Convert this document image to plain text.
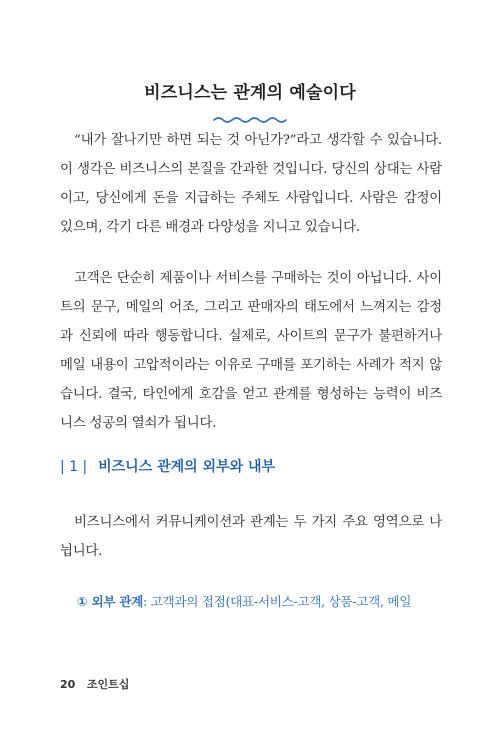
비즈니스는 관계의 예술이다

“내가 잘나기만 하면 되는 것 아닌가?”라고 생각할 수 있습니다. 이 생각은 비즈니스의 본질을 간과한 것입니다. 당신의 상대는 사람이고, 당신에게 돈을 지급하는 주체도 사람입니다. 사람은 감정이 있으며, 각기 다른 배경과 다양성을 지니고 있습니다.

고객은 단순히 제품이나 서비스를 구매하는 것이 아닙니다. 사이트의 문구, 메일의 어조, 그리고 판매자의 태도에서 느껴지는 감정과 신뢰에 따라 행동합니다. 실제로, 사이트의 문구가 불편하거나 메일 내용이 고압적이라는 이유로 구매를 포기하는 사례가 적지 않습니다. 결국, 타인에게 호감을 얻고 관계를 형성하는 능력이 비즈니스 성공의 열쇠가 됩니다.

| 1 | 비즈니스 관계의 외부와 내부

비즈니스에서 커뮤니케이션과 관계는 두 가지 주요 영역으로 나뉩니다.

① 외부 관계: 고객과의 접점(대표-서비스-고객, 상품-고객, 메일
20 조인트십
